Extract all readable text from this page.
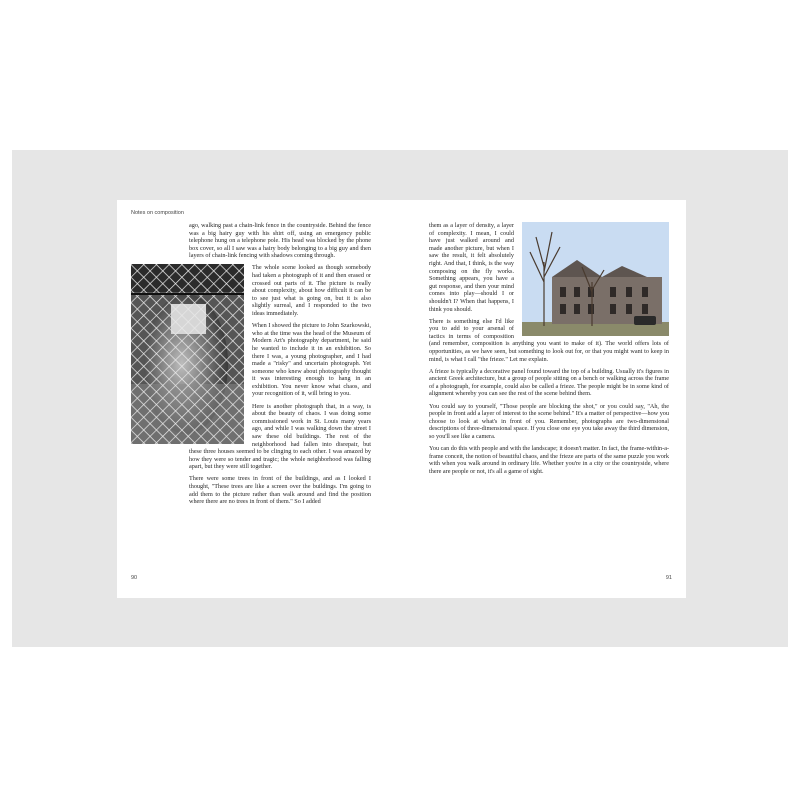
Notes on composition

ago, walking past a chain-link fence in the countryside. Behind the fence was a big hairy guy with his shirt off, using an emergency public telephone hung on a telephone pole. His head was blocked by the phone box cover, so all I saw was a hairy body belonging to a big guy and then layers of chain-link fencing with shadows coming through.

The whole scene looked as though somebody had taken a photograph of it and then erased or crossed out parts of it. The picture is really about complexity, about how difficult it can be to see just what is going on, but it is also slightly surreal, and I responded to the two ideas immediately.

When I showed the picture to John Szarkowski, who at the time was the head of the Museum of Modern Art's photography department, he said he wanted to include it in an exhibition. So there I was, a young photographer, and I had made a "risky" and uncertain photograph. Yet someone who knew about photography thought it was interesting enough to hang in an exhibition. You never know what chaos, and your recognition of it, will bring to you.

Here is another photograph that, in a way, is about the beauty of chaos. I was doing some commissioned work in St. Louis many years ago, and while I was walking down the street I saw these old buildings. The rest of the neighborhood had fallen into disrepair, but these three houses seemed to be clinging to each other. I was amazed by how they were so tender and tragic; the whole neighborhood was falling apart, but they were still together.

There were some trees in front of the buildings, and as I looked I thought, "These trees are like a screen over the buildings. I'm going to add them to the picture rather than walk around and find the position where there are no trees in front of them." So I added

them as a layer of density, a layer of complexity. I mean, I could have just walked around and made another picture, but when I saw the result, it felt absolutely right. And that, I think, is the way composing on the fly works. Something appears, you have a gut response, and then your mind comes into play—should I or shouldn't I? When that happens, I think you should.

There is something else I'd like you to add to your arsenal of tactics in terms of composition (and remember, composition is anything you want to make of it). The world offers lots of opportunities, as we have seen, but something to look out for, or that you might want to keep in mind, is what I call "the frieze." Let me explain.

A frieze is typically a decorative panel found toward the top of a building. Usually it's figures in ancient Greek architecture, but a group of people sitting on a bench or walking across the frame of a photograph, for example, could also be called a frieze. The people might be in some kind of alignment whereby you can see the rest of the scene behind them.

You could say to yourself, "Those people are blocking the shot," or you could say, "Ah, the people in front add a layer of interest to the scene behind." It's a matter of perspective—how you choose to look at what's in front of you. Remember, photographs are two-dimensional descriptions of three-dimensional space. If you close one eye you take away the third dimension, so you'll see like a camera.

You can do this with people and with the landscape; it doesn't matter. In fact, the frame-within-a-frame conceit, the notion of beautiful chaos, and the frieze are parts of the same puzzle you work with when you walk around in ordinary life. Whether you're in a city or the countryside, where there are people or not, it's all a game of sight.

90	91
